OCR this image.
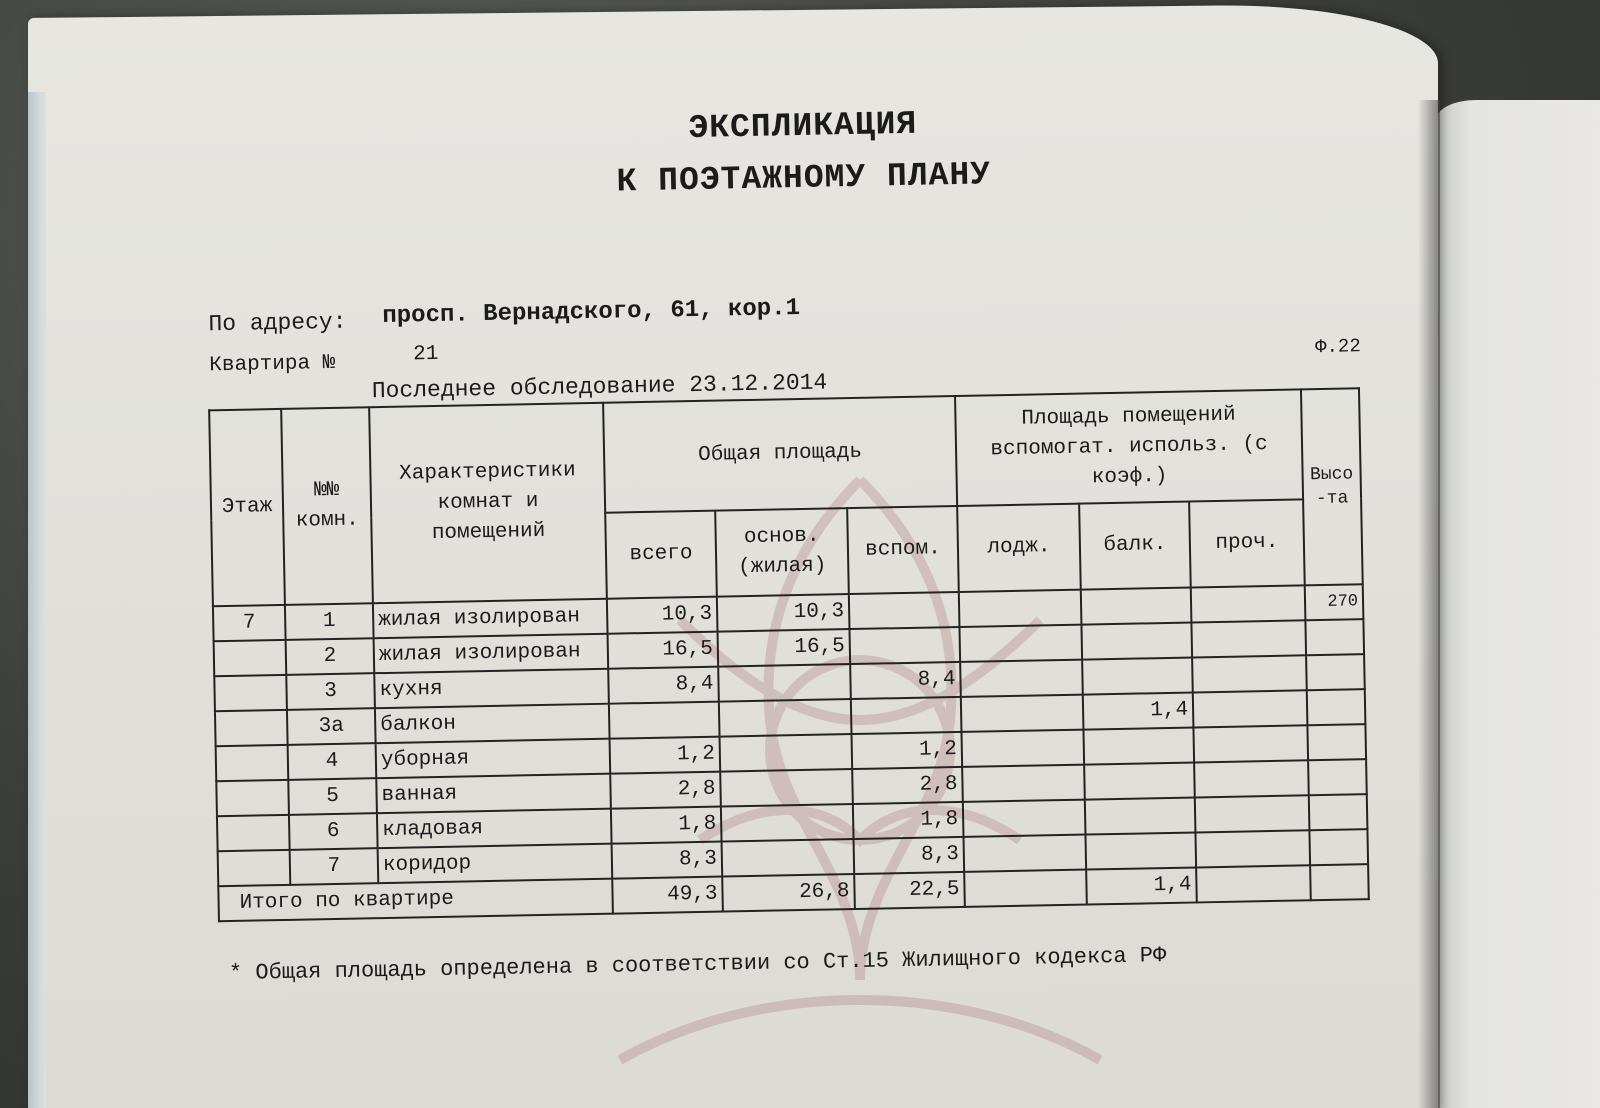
ЭКСПЛИКАЦИЯ
К ПОЭТАЖНОМУ ПЛАНУ
По адресу: просп. Вернадского, 61, кор.1
Квартира №	21
Последнее обследование 23.12.2014
Ф.22
Этаж	№№ комн.	Характеристики комнат и помещений	Общая площадь			Площадь помещений вспомогат. использ. (с коэф.)			Высо-та
			всего	основ. (жилая)	вспом.	лодж.	балк.	проч.	
7	1	жилая изолирован	10,3	10,3					270
	2	жилая изолирован	16,5	16,5					
	3	кухня	8,4		8,4				
	3а	балкон					1,4		
	4	уборная	1,2		1,2				
	5	ванная	2,8		2,8				
	6	кладовая	1,8		1,8				
	7	коридор	8,3		8,3				
Итого по квартире			49,3	26,8	22,5		1,4		
* Общая площадь определена в соответствии со Ст.15 Жилищного кодекса РФ
